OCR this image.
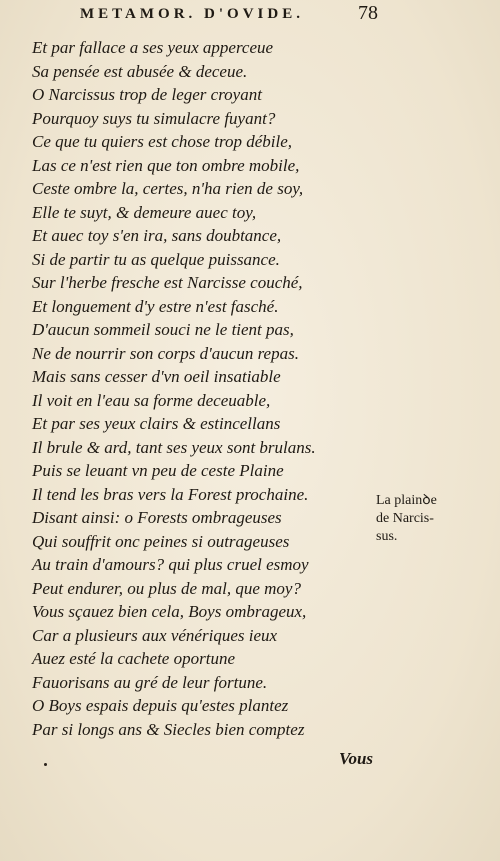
METAMOR. D'OVIDE.	78
Et par fallace a ses yeux apperceue
Sa pensée est abusée & deceue.
O Narcissus trop de leger croyant
Pourquoy suys tu simulacre fuyant?
Ce que tu quiers est chose trop débile,
Las ce n'est rien que ton ombre mobile,
Ceste ombre la, certes, n'ha rien de soy,
Elle te suyt, & demeure auec toy,
Et auec toy s'en ira, sans doubtance,
Si de partir tu as quelque puissance.
Sur l'herbe fresche est Narcisse couché,
Et longuement d'y estre n'est fasché.
D'aucun sommeil souci ne le tient pas,
Ne de nourrir son corps d'aucun repas.
Mais sans cesser d'vn oeil insatiable
Il voit en l'eau sa forme deceuable,
Et par ses yeux clairs & estincellans
Il brule & ard, tant ses yeux sont brulans.
Puis se leuant vn peu de ceste Plaine
Il tend les bras vers la Forest prochaine.
Disant ainsi: o Forests ombrageuses
Qui souffrit onc peines si outrageuses
Au train d'amours? qui plus cruel esmoy
Peut endurer, ou plus de mal, que moy?
Vous sçauez bien cela, Boys ombrageux,
Car a plusieurs aux vénériques ieux
Auez esté la cachete oportune
Fauorisans au gré de leur fortune.
O Boys espais depuis qu'estes plantez
Par si longs ans & Siecles bien comptez
La plainꝺe
de Narcis-
sus.
Vous
